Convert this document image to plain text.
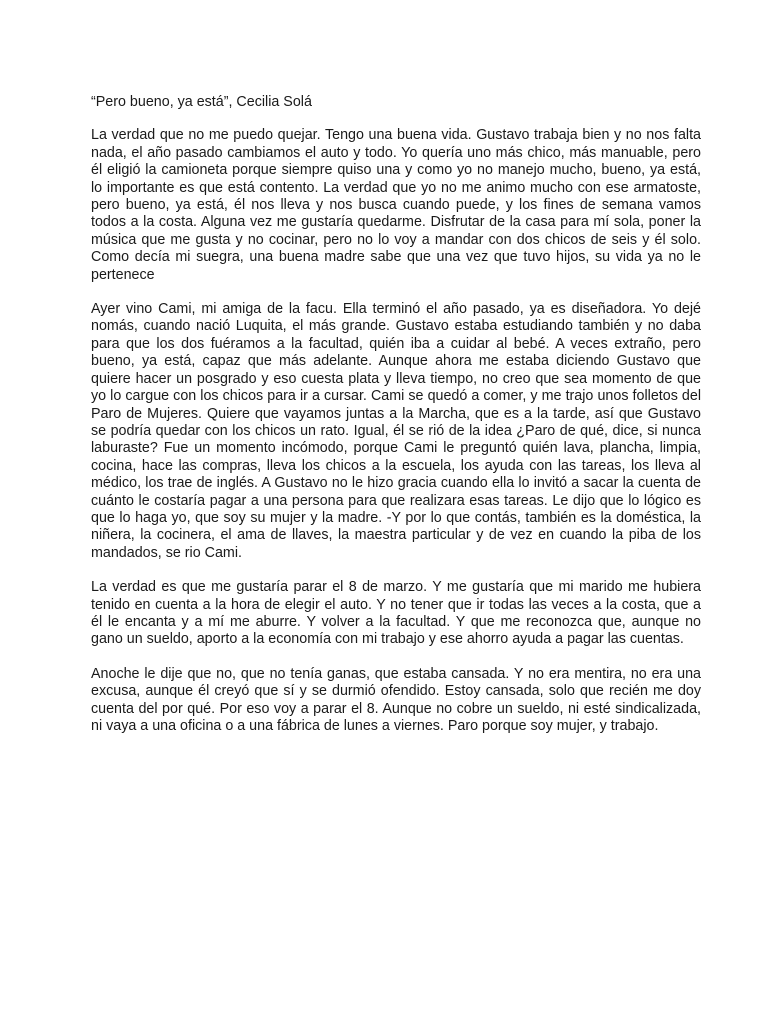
“Pero bueno, ya está”, Cecilia Solá

La verdad que no me puedo quejar. Tengo una buena vida. Gustavo trabaja bien y no nos falta nada, el año pasado cambiamos el auto y todo. Yo quería uno más chico, más manuable, pero él eligió la camioneta porque siempre quiso una y como yo no manejo mucho, bueno, ya está, lo importante es que está contento. La verdad que yo no me animo mucho con ese armatoste, pero bueno, ya está, él nos lleva y nos busca cuando puede, y los fines de semana vamos todos a la costa. Alguna vez me gustaría quedarme. Disfrutar de la casa para mí sola, poner la música que me gusta y no cocinar, pero no lo voy a mandar con dos chicos de seis y él solo. Como decía mi suegra, una buena madre sabe que una vez que tuvo hijos, su vida ya no le pertenece

Ayer vino Cami, mi amiga de la facu. Ella terminó el año pasado, ya es diseñadora. Yo dejé nomás, cuando nació Luquita, el más grande. Gustavo estaba estudiando también y no daba para que los dos fuéramos a la facultad, quién iba a cuidar al bebé. A veces extraño, pero bueno, ya está, capaz que más adelante. Aunque ahora me estaba diciendo Gustavo que quiere hacer un posgrado y eso cuesta plata y lleva tiempo, no creo que sea momento de que yo lo cargue con los chicos para ir a cursar. Cami se quedó a comer, y me trajo unos folletos del Paro de Mujeres. Quiere que vayamos juntas a la Marcha, que es a la tarde, así que Gustavo se podría quedar con los chicos un rato. Igual, él se rió de la idea ¿Paro de qué, dice, si nunca laburaste? Fue un momento incómodo, porque Cami le preguntó quién lava, plancha, limpia, cocina, hace las compras, lleva los chicos a la escuela, los ayuda con las tareas, los lleva al médico, los trae de inglés. A Gustavo no le hizo gracia cuando ella lo invitó a sacar la cuenta de cuánto le costaría pagar a una persona para que realizara esas tareas. Le dijo que lo lógico es que lo haga yo, que soy su mujer y la madre. -Y por lo que contás, también es la doméstica, la niñera, la cocinera, el ama de llaves, la maestra particular y de vez en cuando la piba de los mandados, se rio Cami.

La verdad es que me gustaría parar el 8 de marzo. Y me gustaría que mi marido me hubiera tenido en cuenta a la hora de elegir el auto. Y no tener que ir todas las veces a la costa, que a él le encanta y a mí me aburre. Y volver a la facultad. Y que me reconozca que, aunque no gano un sueldo, aporto a la economía con mi trabajo y ese ahorro ayuda a pagar las cuentas.

Anoche le dije que no, que no tenía ganas, que estaba cansada. Y no era mentira, no era una excusa, aunque él creyó que sí y se durmió ofendido. Estoy cansada, solo que recién me doy cuenta del por qué. Por eso voy a parar el 8. Aunque no cobre un sueldo, ni esté sindicalizada, ni vaya a una oficina o a una fábrica de lunes a viernes. Paro porque soy mujer, y trabajo.
